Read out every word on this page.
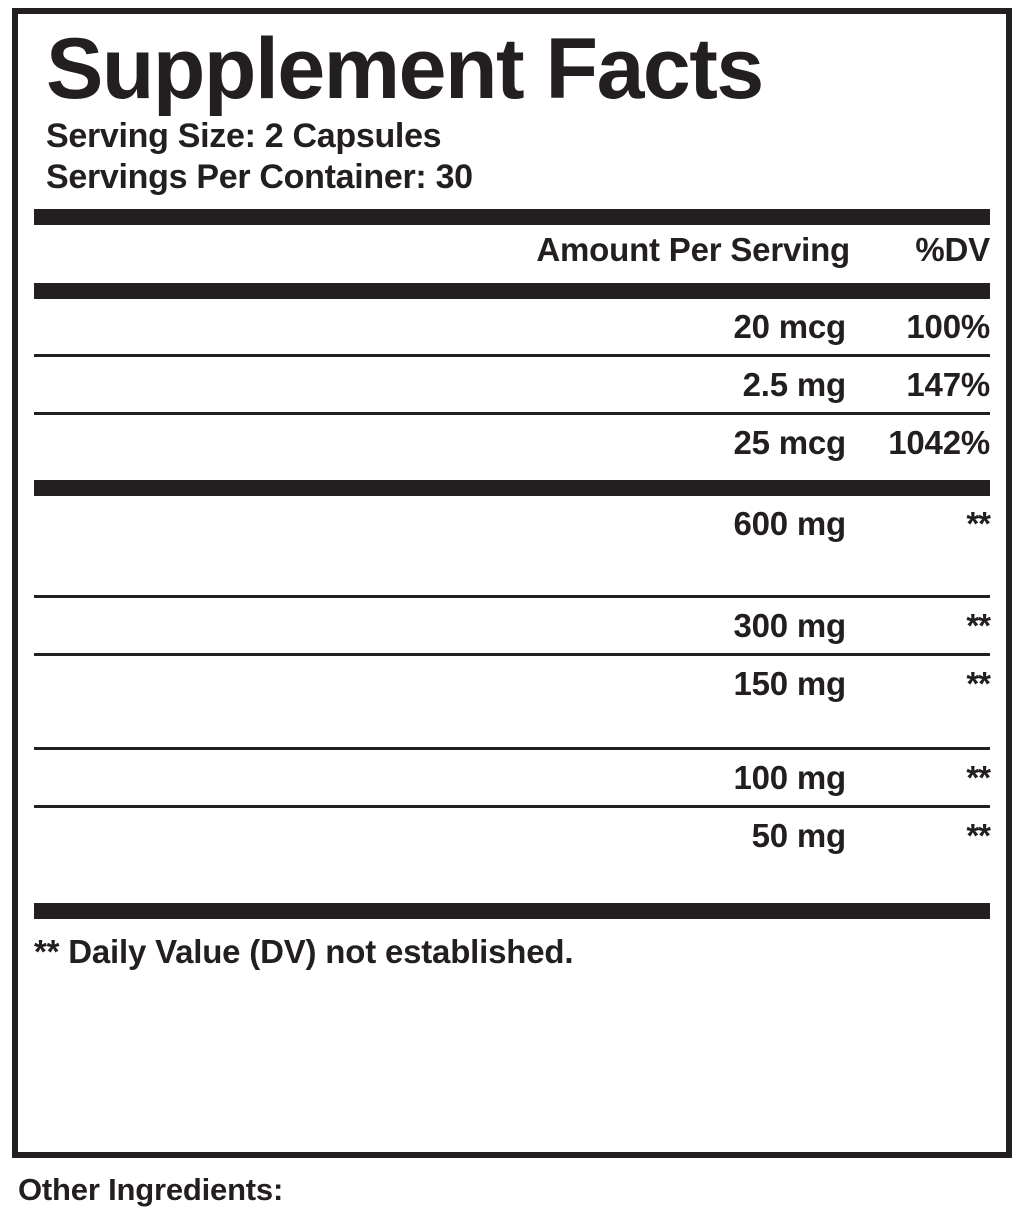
Supplement Facts
Serving Size: 2 Capsules
Servings Per Container: 30
Amount Per Serving	%DV
20 mcg	100%
2.5 mg	147%
25 mcg	1042%
600 mg	**
300 mg	**
150 mg	**
100 mg	**
50 mg	**
** Daily Value (DV) not established.
Other Ingredients:
